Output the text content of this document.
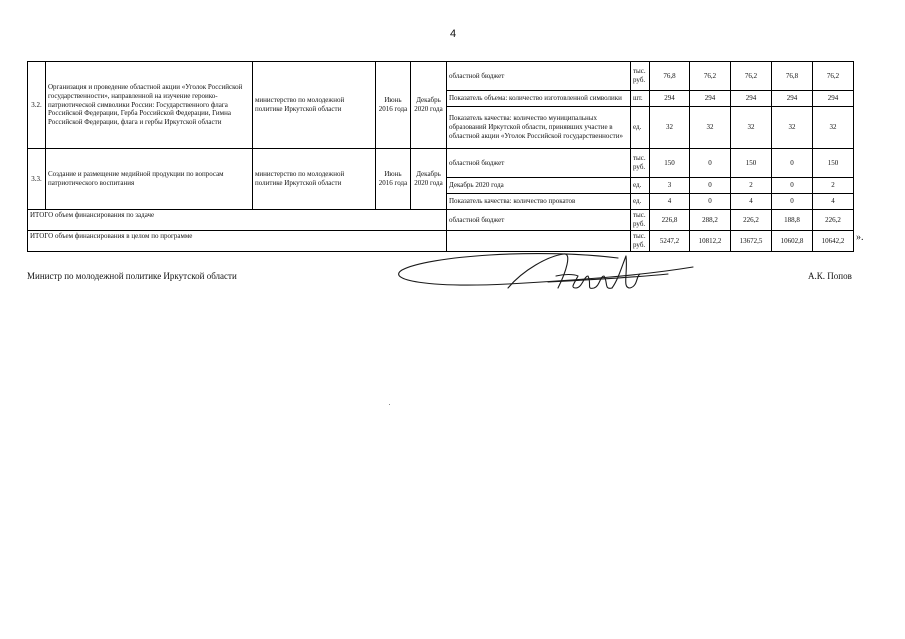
4
3.2.	Организация и проведение областной акции «Уголок Российской государственности», направленной на изучение героико-патриотической символики России: Государственного флага Российской Федерации, Герба Российской Федерации, Гимна Российской Федерации, флага и гербы Иркутской области	министерство по молодежной политике Иркутской области	Июнь 2016 года	Декабрь 2020 года	областной бюджет	тыс. руб.	76,8	76,2	76,2	76,8	76,2
					Показатель объема: количество изготовленной символики	шт.	294	294	294	294	294
					Показатель качества: количество муниципальных образований Иркутской области, принявших участие в областной акции «Уголок Российской государственности»	ед.	32	32	32	32	32
3.3.	Создание и размещение медийной продукции по вопросам патриотического воспитания	министерство по молодежной политике Иркутской области	Июнь 2016 года	Декабрь 2020 года	областной бюджет	тыс. руб.	150	0	150	0	150
					Декабрь 2020 года	ед.	3	0	2	0	2
					Показатель качества: количество прокатов	ед.	4	0	4	0	4
ИТОГО объем финансирования по задаче					областной бюджет	тыс. руб.	226,8	288,2	226,2	188,8	226,2
ИТОГО объем финансирования в целом по программе						тыс. руб.	5247,2	10812,2	13672,5	10602,8	10642,2 ».
Министр по молодежной политике Иркутской области	А.К. Попов
